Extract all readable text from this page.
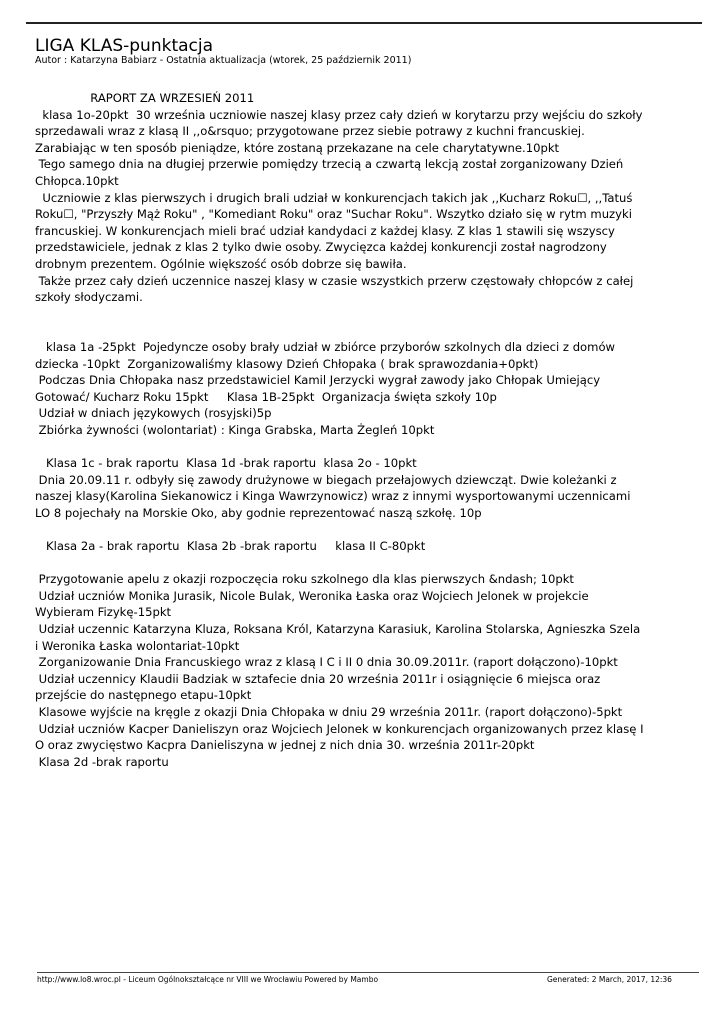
LIGA KLAS-punktacja
Autor : Katarzyna Babiarz - Ostatnia aktualizacja (wtorek, 25 październik 2011)
RAPORT ZA WRZESIEŃ 2011
klasa 1o-20pkt  30 września uczniowie naszej klasy przez cały dzień w korytarzu przy wejściu do szkoły
sprzedawali wraz z klasą II ,,o&rsquo; przygotowane przez siebie potrawy z kuchni francuskiej.
Zarabiając w ten sposób pieniądze, które zostaną przekazane na cele charytatywne.10pkt
Tego samego dnia na długiej przerwie pomiędzy trzecią a czwartą lekcją został zorganizowany Dzień
Chłopca.10pkt
Uczniowie z klas pierwszych i drugich brali udział w konkurencjach takich jak ,,Kucharz Roku☐, ,,Tatuś
Roku☐, "Przyszły Mąż Roku" , "Komediant Roku" oraz "Suchar Roku". Wszytko działo się w rytm muzyki
francuskiej. W konkurencjach mieli brać udział kandydaci z każdej klasy. Z klas 1 stawili się wszyscy
przedstawiciele, jednak z klas 2 tylko dwie osoby. Zwycięzca każdej konkurencji został nagrodzony
drobnym prezentem. Ogólnie większość osób dobrze się bawiła.
Także przez cały dzień uczennice naszej klasy w czasie wszystkich przerw częstowały chłopców z całej
szkoły słodyczami.
klasa 1a -25pkt  Pojedyncze osoby brały udział w zbiórce przyborów szkolnych dla dzieci z domów
dziecka -10pkt  Zorganizowaliśmy klasowy Dzień Chłopaka ( brak sprawozdania+0pkt)
Podczas Dnia Chłopaka nasz przedstawiciel Kamil Jerzycki wygrał zawody jako Chłopak Umiejący
Gotować/ Kucharz Roku 15pkt     Klasa 1B-25pkt  Organizacja święta szkoły 10p
Udział w dniach językowych (rosyjski)5p
Zbiórka żywności (wolontariat) : Kinga Grabska, Marta Żegleń 10pkt
Klasa 1c - brak raportu  Klasa 1d -brak raportu  klasa 2o - 10pkt
Dnia 20.09.11 r. odbyły się zawody drużynowe w biegach przełajowych dziewcząt. Dwie koleżanki z
naszej klasy(Karolina Siekanowicz i Kinga Wawrzynowicz) wraz z innymi wysportowanymi uczennicami
LO 8 pojechały na Morskie Oko, aby godnie reprezentować naszą szkołę. 10p
Klasa 2a - brak raportu  Klasa 2b -brak raportu     klasa II C-80pkt
Przygotowanie apelu z okazji rozpoczęcia roku szkolnego dla klas pierwszych &ndash; 10pkt
Udział uczniów Monika Jurasik, Nicole Bulak, Weronika Łaska oraz Wojciech Jelonek w projekcie
Wybieram Fizykę-15pkt
Udział uczennic Katarzyna Kluza, Roksana Król, Katarzyna Karasiuk, Karolina Stolarska, Agnieszka Szela
i Weronika Łaska wolontariat-10pkt
Zorganizowanie Dnia Francuskiego wraz z klasą I C i II 0 dnia 30.09.2011r. (raport dołączono)-10pkt
Udział uczennicy Klaudii Badziak w sztafecie dnia 20 września 2011r i osiągnięcie 6 miejsca oraz
przejście do następnego etapu-10pkt
Klasowe wyjście na kręgle z okazji Dnia Chłopaka w dniu 29 września 2011r. (raport dołączono)-5pkt
Udział uczniów Kacper Danieliszyn oraz Wojciech Jelonek w konkurencjach organizowanych przez klasę I
O oraz zwycięstwo Kacpra Danieliszyna w jednej z nich dnia 30. września 2011r-20pkt
Klasa 2d -brak raportu
http://www.lo8.wroc.pl - Liceum Ogólnokształcące nr VIII we Wrocławiu Powered by Mambo	Generated: 2 March, 2017, 12:36
